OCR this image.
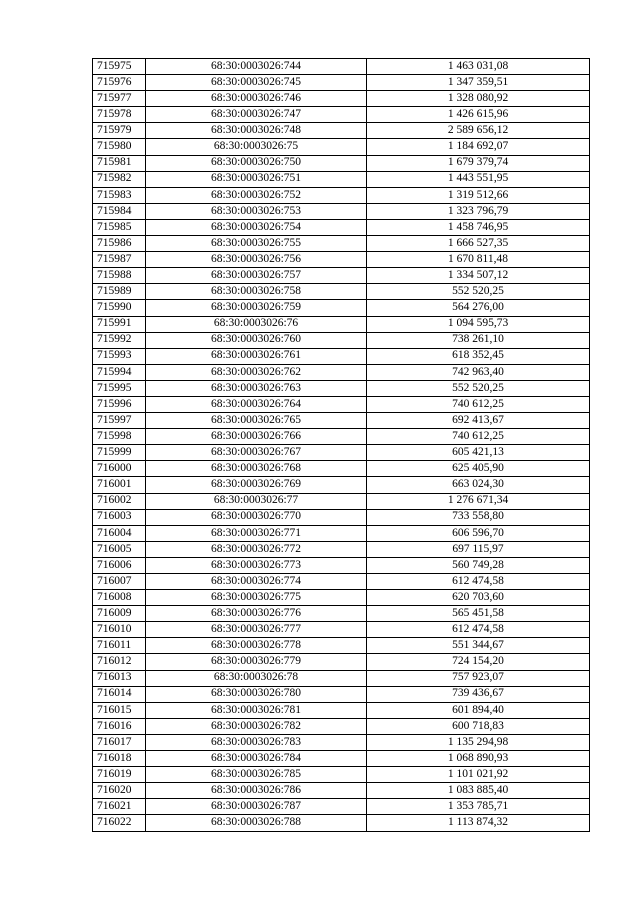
715975	68:30:0003026:744	1 463 031,08
715976	68:30:0003026:745	1 347 359,51
715977	68:30:0003026:746	1 328 080,92
715978	68:30:0003026:747	1 426 615,96
715979	68:30:0003026:748	2 589 656,12
715980	68:30:0003026:75	1 184 692,07
715981	68:30:0003026:750	1 679 379,74
715982	68:30:0003026:751	1 443 551,95
715983	68:30:0003026:752	1 319 512,66
715984	68:30:0003026:753	1 323 796,79
715985	68:30:0003026:754	1 458 746,95
715986	68:30:0003026:755	1 666 527,35
715987	68:30:0003026:756	1 670 811,48
715988	68:30:0003026:757	1 334 507,12
715989	68:30:0003026:758	552 520,25
715990	68:30:0003026:759	564 276,00
715991	68:30:0003026:76	1 094 595,73
715992	68:30:0003026:760	738 261,10
715993	68:30:0003026:761	618 352,45
715994	68:30:0003026:762	742 963,40
715995	68:30:0003026:763	552 520,25
715996	68:30:0003026:764	740 612,25
715997	68:30:0003026:765	692 413,67
715998	68:30:0003026:766	740 612,25
715999	68:30:0003026:767	605 421,13
716000	68:30:0003026:768	625 405,90
716001	68:30:0003026:769	663 024,30
716002	68:30:0003026:77	1 276 671,34
716003	68:30:0003026:770	733 558,80
716004	68:30:0003026:771	606 596,70
716005	68:30:0003026:772	697 115,97
716006	68:30:0003026:773	560 749,28
716007	68:30:0003026:774	612 474,58
716008	68:30:0003026:775	620 703,60
716009	68:30:0003026:776	565 451,58
716010	68:30:0003026:777	612 474,58
716011	68:30:0003026:778	551 344,67
716012	68:30:0003026:779	724 154,20
716013	68:30:0003026:78	757 923,07
716014	68:30:0003026:780	739 436,67
716015	68:30:0003026:781	601 894,40
716016	68:30:0003026:782	600 718,83
716017	68:30:0003026:783	1 135 294,98
716018	68:30:0003026:784	1 068 890,93
716019	68:30:0003026:785	1 101 021,92
716020	68:30:0003026:786	1 083 885,40
716021	68:30:0003026:787	1 353 785,71
716022	68:30:0003026:788	1 113 874,32
